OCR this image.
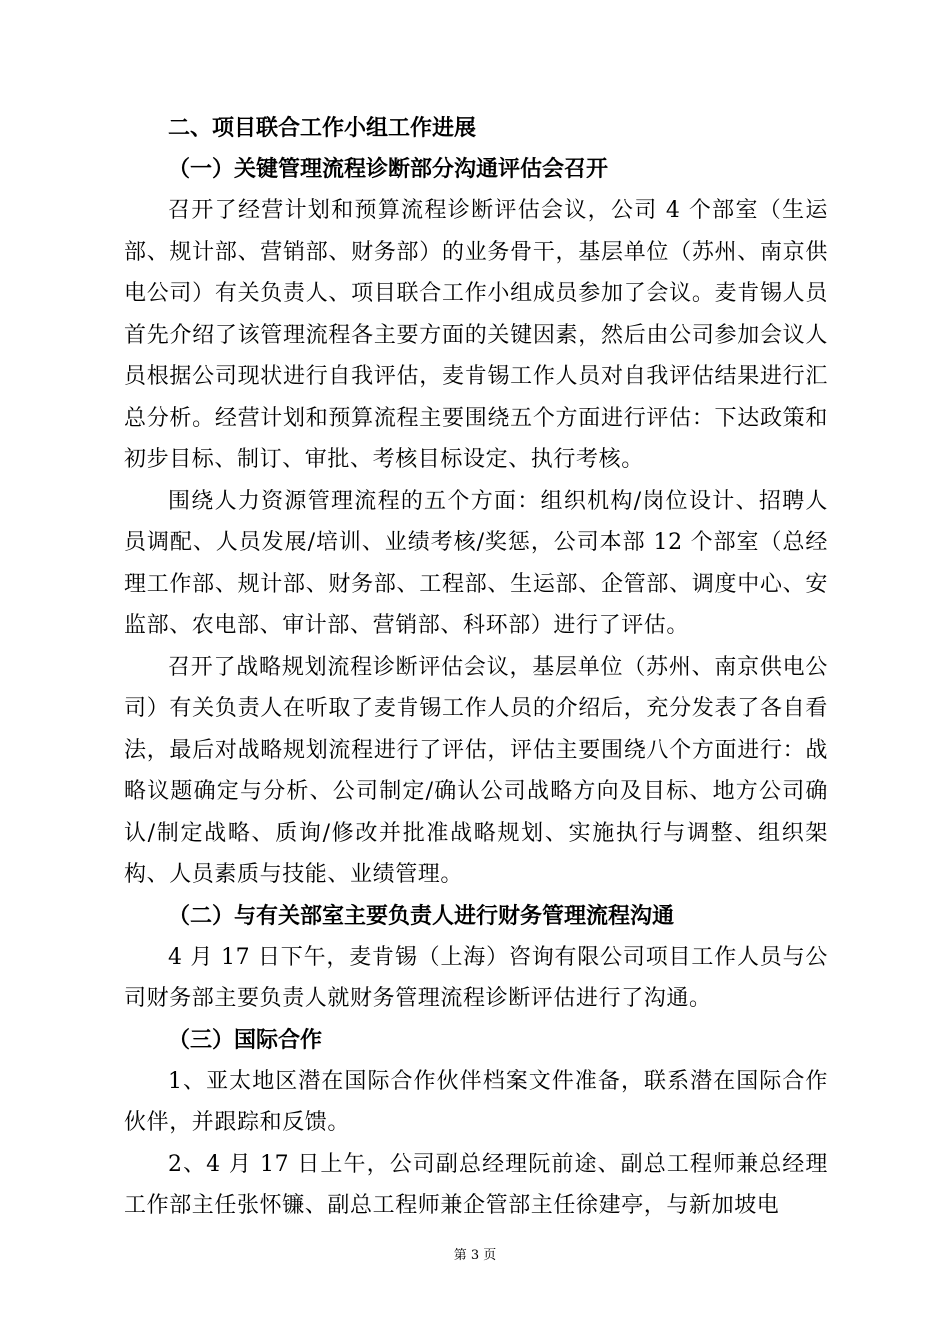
二、项目联合工作小组工作进展

（一）关键管理流程诊断部分沟通评估会召开

召开了经营计划和预算流程诊断评估会议，公司 4 个部室（生运部、规计部、营销部、财务部）的业务骨干，基层单位（苏州、南京供电公司）有关负责人、项目联合工作小组成员参加了会议。麦肯锡人员首先介绍了该管理流程各主要方面的关键因素，然后由公司参加会议人员根据公司现状进行自我评估，麦肯锡工作人员对自我评估结果进行汇总分析。经营计划和预算流程主要围绕五个方面进行评估：下达政策和初步目标、制订、审批、考核目标设定、执行考核。

围绕人力资源管理流程的五个方面：组织机构/岗位设计、招聘人员调配、人员发展/培训、业绩考核/奖惩，公司本部 12 个部室（总经理工作部、规计部、财务部、工程部、生运部、企管部、调度中心、安监部、农电部、审计部、营销部、科环部）进行了评估。

召开了战略规划流程诊断评估会议，基层单位（苏州、南京供电公司）有关负责人在听取了麦肯锡工作人员的介绍后，充分发表了各自看法，最后对战略规划流程进行了评估，评估主要围绕八个方面进行：战略议题确定与分析、公司制定/确认公司战略方向及目标、地方公司确认/制定战略、质询/修改并批准战略规划、实施执行与调整、组织架构、人员素质与技能、业绩管理。

（二）与有关部室主要负责人进行财务管理流程沟通

4 月 17 日下午，麦肯锡（上海）咨询有限公司项目工作人员与公司财务部主要负责人就财务管理流程诊断评估进行了沟通。

（三）国际合作

1、亚太地区潜在国际合作伙伴档案文件准备，联系潜在国际合作伙伴，并跟踪和反馈。

2、4 月 17 日上午，公司副总经理阮前途、副总工程师兼总经理工作部主任张怀镰、副总工程师兼企管部主任徐建亭，与新加坡电

第 3 页
